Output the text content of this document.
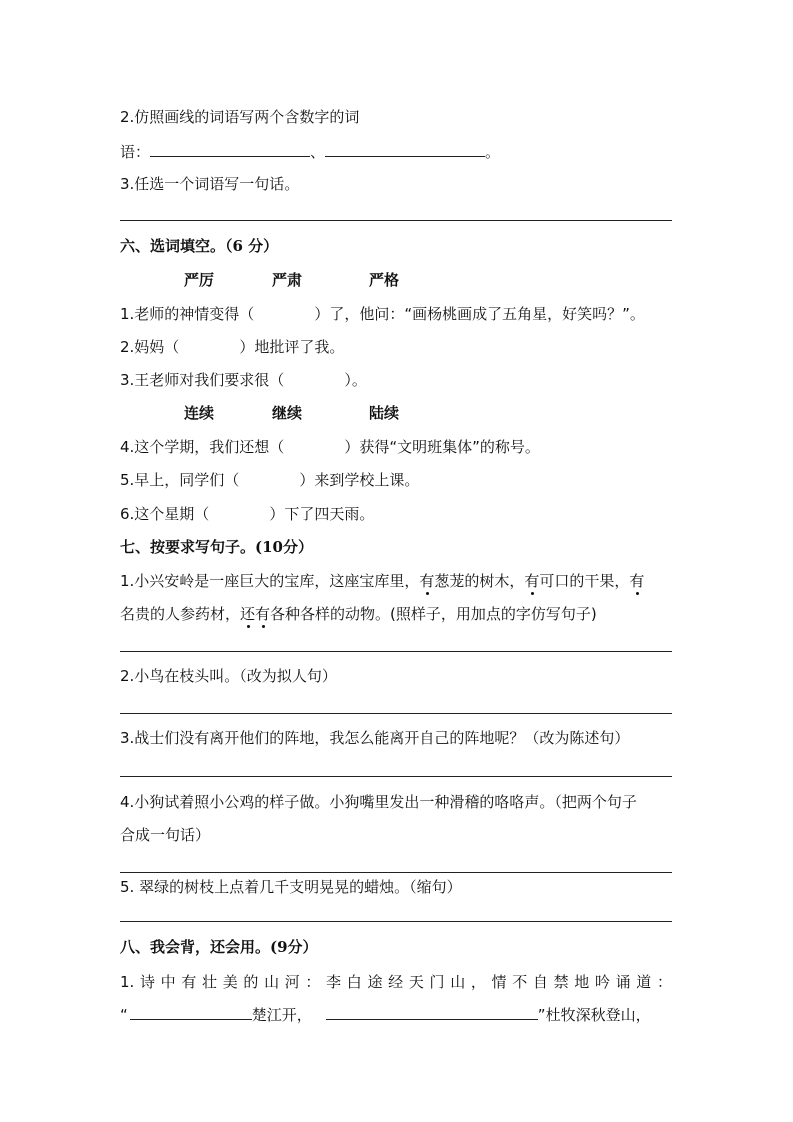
2.仿照画线的词语写两个含数字的词
语：	、	。
3.任选一个词语写一句话。
六、选词填空。（6 分）
严厉	严肃	严格
1.老师的神情变得（	）了，他问：“画杨桃画成了五角星，好笑吗？”。
2.妈妈（	）地批评了我。
3.王老师对我们要求很（	）。
连续	继续	陆续
4.这个学期，我们还想（	）获得“文明班集体”的称号。
5.早上，同学们（	）来到学校上课。
6.这个星期（	）下了四天雨。
七、按要求写句子。(10分）
1.小兴安岭是一座巨大的宝库，这座宝库里，有葱茏的树木，有可口的干果，有
名贵的人参药材，还有各种各样的动物。(照样子，用加点的字仿写句子)
2.小鸟在枝头叫。（改为拟人句）
3.战士们没有离开他们的阵地，我怎么能离开自己的阵地呢？（改为陈述句）
4.小狗试着照小公鸡的样子做。小狗嘴里发出一种滑稽的咯咯声。（把两个句子
合成一句话）
5. 翠绿的树枝上点着几千支明晃晃的蜡烛。（缩句）
八、我会背，还会用。(9分）
1.诗中有壮美的山河：李白途经天门山，情不自禁地吟诵道：
“	楚江开，	”杜牧深秋登山，
